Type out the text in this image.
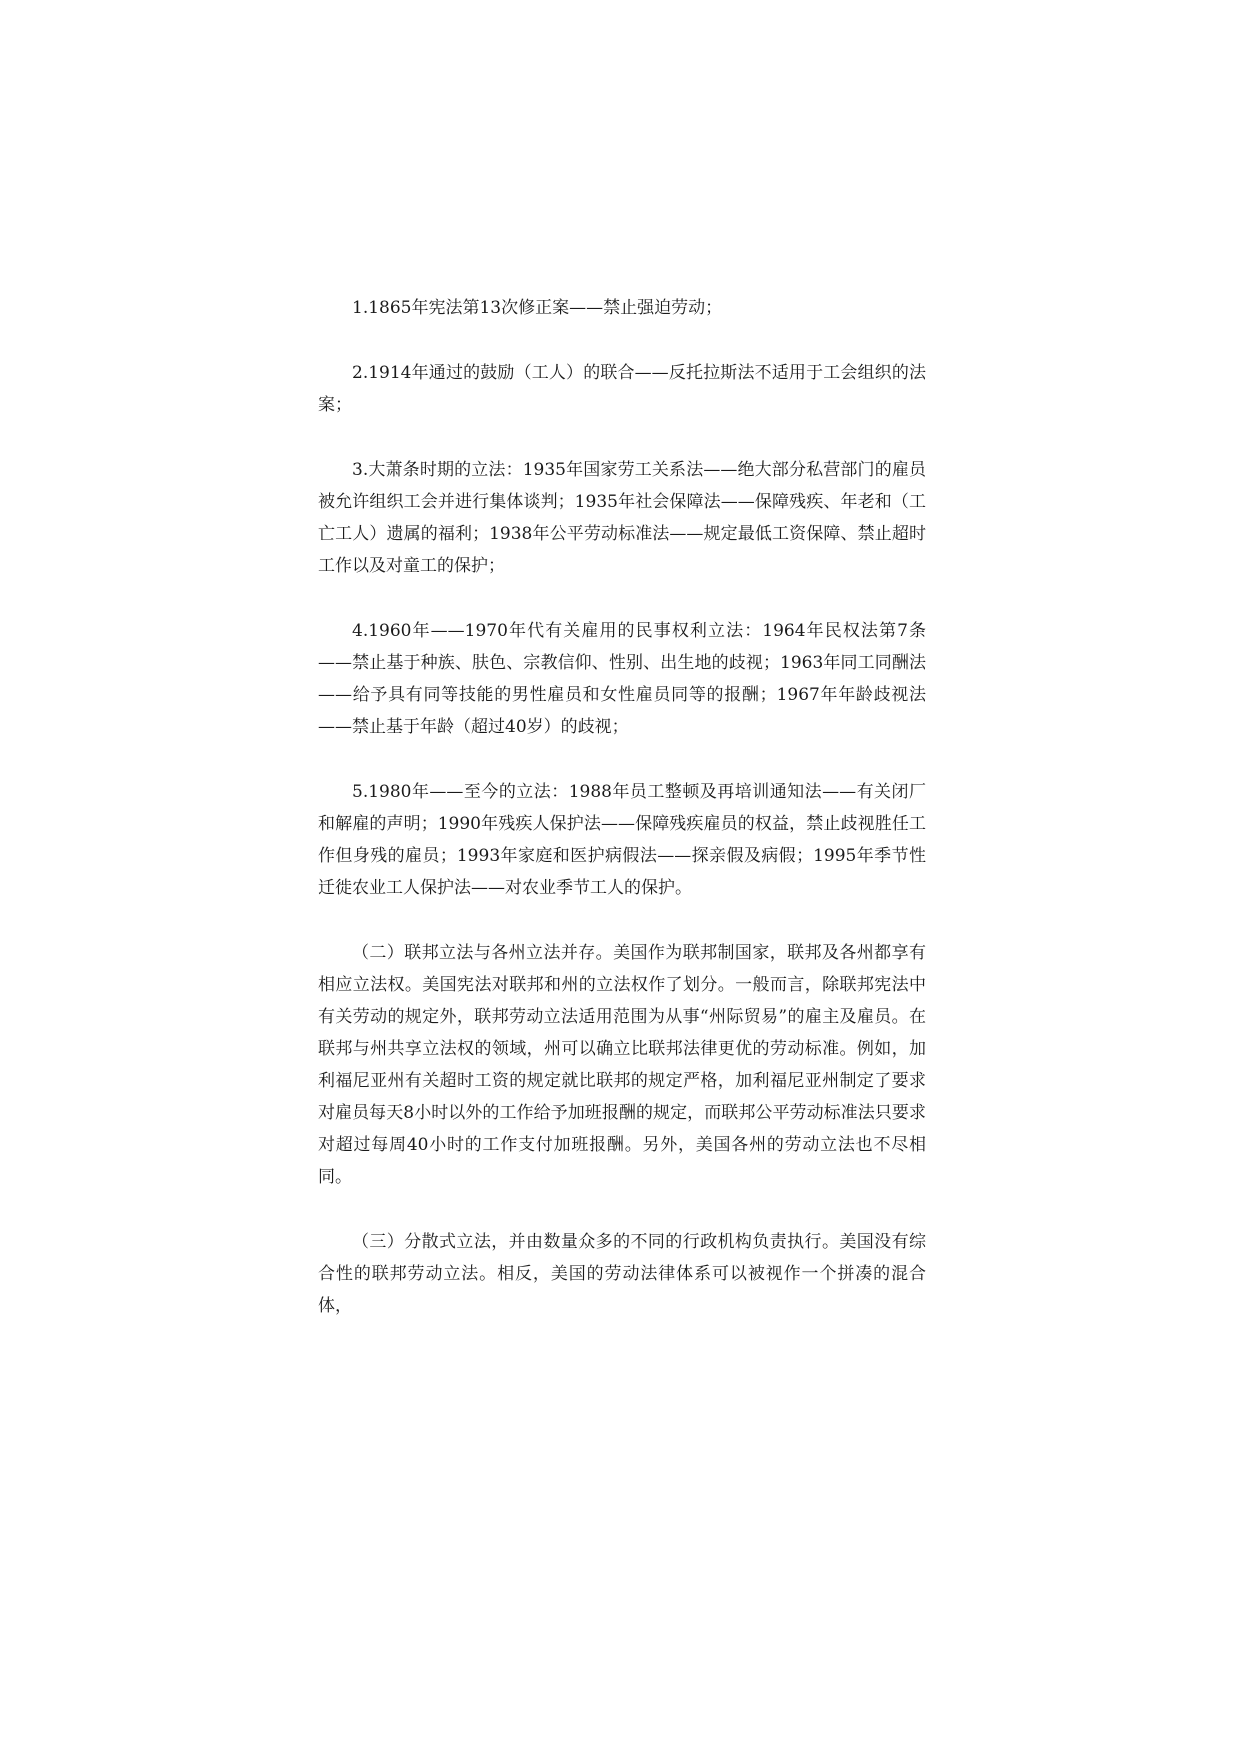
1.1865年宪法第13次修正案——禁止强迫劳动；

2.1914年通过的鼓励（工人）的联合——反托拉斯法不适用于工会组织的法案；

3.大萧条时期的立法：1935年国家劳工关系法——绝大部分私营部门的雇员被允许组织工会并进行集体谈判；1935年社会保障法——保障残疾、年老和（工亡工人）遗属的福利；1938年公平劳动标准法——规定最低工资保障、禁止超时工作以及对童工的保护；

4.1960年——1970年代有关雇用的民事权利立法：1964年民权法第7条——禁止基于种族、肤色、宗教信仰、性别、出生地的歧视；1963年同工同酬法——给予具有同等技能的男性雇员和女性雇员同等的报酬；1967年年龄歧视法——禁止基于年龄（超过40岁）的歧视；

5.1980年——至今的立法：1988年员工整顿及再培训通知法——有关闭厂和解雇的声明；1990年残疾人保护法——保障残疾雇员的权益，禁止歧视胜任工作但身残的雇员；1993年家庭和医护病假法——探亲假及病假；1995年季节性迁徙农业工人保护法——对农业季节工人的保护。

（二）联邦立法与各州立法并存。美国作为联邦制国家，联邦及各州都享有相应立法权。美国宪法对联邦和州的立法权作了划分。一般而言，除联邦宪法中有关劳动的规定外，联邦劳动立法适用范围为从事“州际贸易”的雇主及雇员。在联邦与州共享立法权的领域，州可以确立比联邦法律更优的劳动标准。例如，加利福尼亚州有关超时工资的规定就比联邦的规定严格，加利福尼亚州制定了要求对雇员每天8小时以外的工作给予加班报酬的规定，而联邦公平劳动标准法只要求对超过每周40小时的工作支付加班报酬。另外，美国各州的劳动立法也不尽相同。

（三）分散式立法，并由数量众多的不同的行政机构负责执行。美国没有综合性的联邦劳动立法。相反，美国的劳动法律体系可以被视作一个拼凑的混合体，
